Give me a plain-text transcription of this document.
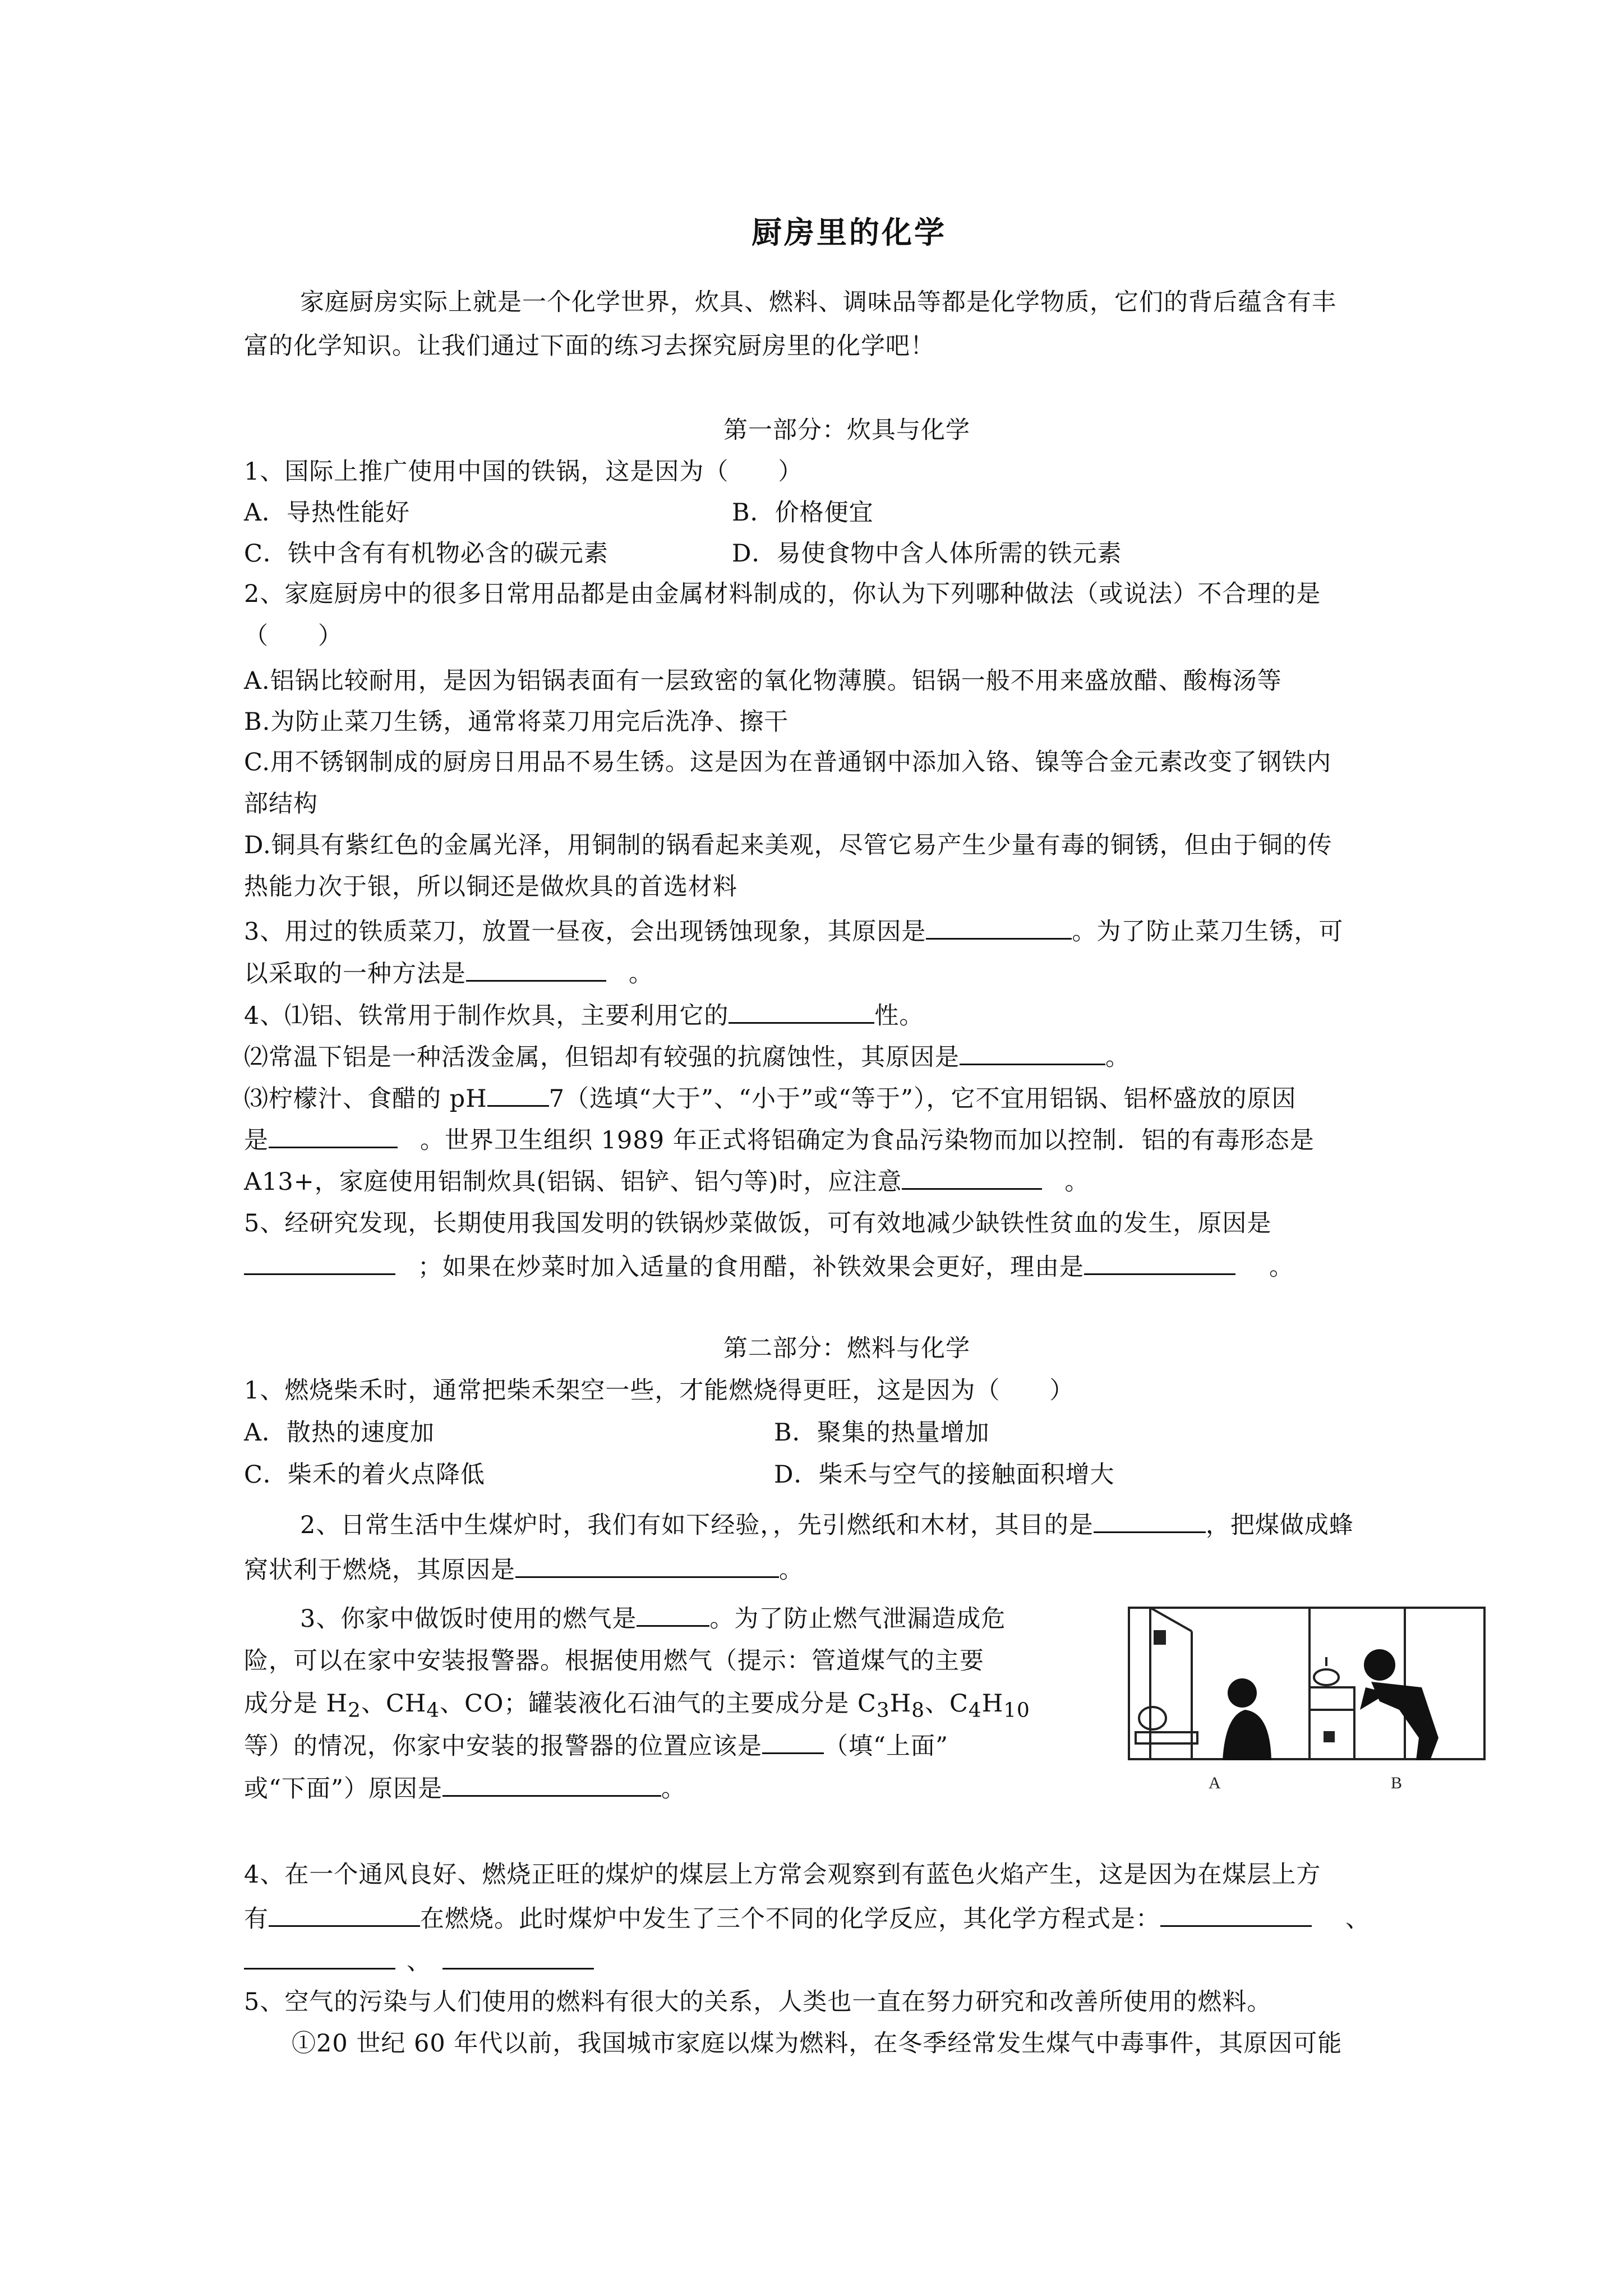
厨房里的化学
家庭厨房实际上就是一个化学世界，炊具、燃料、调味品等都是化学物质，它们的背后蕴含有丰
富的化学知识。让我们通过下面的练习去探究厨房里的化学吧！
第一部分：炊具与化学
1、国际上推广使用中国的铁锅，这是因为（　　）
A．导热性能好	B．价格便宜
C．铁中含有有机物必含的碳元素	D．易使食物中含人体所需的铁元素
2、家庭厨房中的很多日常用品都是由金属材料制成的，你认为下列哪种做法（或说法）不合理的是
（　　）
A.铝锅比较耐用，是因为铝锅表面有一层致密的氧化物薄膜。铝锅一般不用来盛放醋、酸梅汤等
B.为防止菜刀生锈，通常将菜刀用完后洗净、擦干
C.用不锈钢制成的厨房日用品不易生锈。这是因为在普通钢中添加入铬、镍等合金元素改变了钢铁内
部结构
D.铜具有紫红色的金属光泽，用铜制的锅看起来美观，尽管它易产生少量有毒的铜锈，但由于铜的传
热能力次于银，所以铜还是做炊具的首选材料
3、用过的铁质菜刀，放置一昼夜，会出现锈蚀现象，其原因是	。为了防止菜刀生锈，可
以采取的一种方法是	。
4、⑴铝、铁常用于制作炊具，主要利用它的	性。
⑵常温下铝是一种活泼金属，但铝却有较强的抗腐蚀性，其原因是	。
⑶柠檬汁、食醋的 pH	7（选填“大于”、“小于”或“等于”），它不宜用铝锅、铝杯盛放的原因
是	。世界卫生组织 1989 年正式将铝确定为食品污染物而加以控制．铝的有毒形态是
A13+，家庭使用铝制炊具(铝锅、铝铲、铝勺等)时，应注意	。
5、经研究发现，长期使用我国发明的铁锅炒菜做饭，可有效地减少缺铁性贫血的发生，原因是
；如果在炒菜时加入适量的食用醋，补铁效果会更好，理由是	。
第二部分：燃料与化学
1、燃烧柴禾时，通常把柴禾架空一些，才能燃烧得更旺，这是因为（　　）
A．散热的速度加	B．聚集的热量增加
C．柴禾的着火点降低	D．柴禾与空气的接触面积增大
2、日常生活中生煤炉时，我们有如下经验，，先引燃纸和木材，其目的是	，把煤做成蜂
窝状利于燃烧，其原因是	。
3、你家中做饭时使用的燃气是	。为了防止燃气泄漏造成危
险，可以在家中安装报警器。根据使用燃气（提示：管道煤气的主要
成分是 $H_2$、$CH_4$、CO；罐装液化石油气的主要成分是 $C_3H_8$、$C_4H_{10}$
等）的情况，你家中安装的报警器的位置应该是	（填“上面”
或“下面”）原因是	。	A	B
4、在一个通风良好、燃烧正旺的煤炉的煤层上方常会观察到有蓝色火焰产生，这是因为在煤层上方
有	在燃烧。此时煤炉中发生了三个不同的化学反应，其化学方程式是：	、
、
5、空气的污染与人们使用的燃料有很大的关系，人类也一直在努力研究和改善所使用的燃料。
①20 世纪 60 年代以前，我国城市家庭以煤为燃料，在冬季经常发生煤气中毒事件，其原因可能
